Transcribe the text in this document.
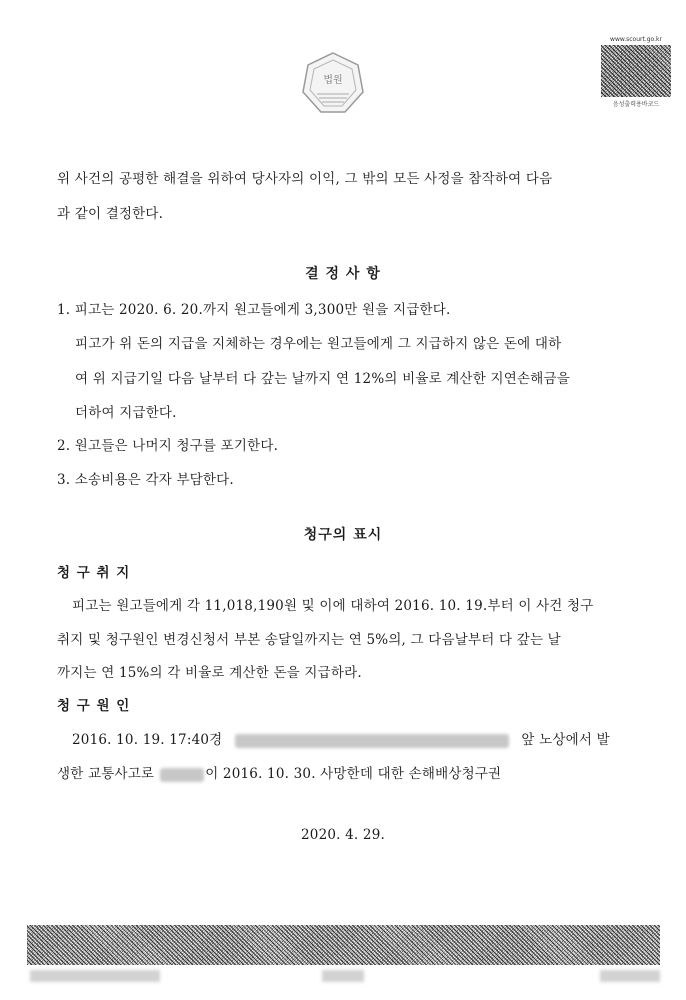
법원
www.scourt.go.kr
음성출력용바코드
위 사건의 공평한 해결을 위하여 당사자의 이익, 그 밖의 모든 사정을 참작하여 다음
과 같이 결정한다.
결 정 사 항
1. 피고는 2020. 6. 20.까지 원고들에게 3,300만 원을 지급한다.
피고가 위 돈의 지급을 지체하는 경우에는 원고들에게 그 지급하지 않은 돈에 대하
여 위 지급기일 다음 날부터 다 갚는 날까지 연 12%의 비율로 계산한 지연손해금을
더하여 지급한다.
2. 원고들은 나머지 청구를 포기한다.
3. 소송비용은 각자 부담한다.
청구의 표시
청 구 취 지
피고는 원고들에게 각 11,018,190원 및 이에 대하여 2016. 10. 19.부터 이 사건 청구
취지 및 청구원인 변경신청서 부본 송달일까지는 연 5%의, 그 다음날부터 다 갚는 날
까지는 연 15%의 각 비율로 계산한 돈을 지급하라.
청 구 원 인
2016. 10. 19. 17:40경	앞 노상에서 발
생한 교통사고로	이 2016. 10. 30. 사망한데 대한 손해배상청구권
2020. 4. 29.
